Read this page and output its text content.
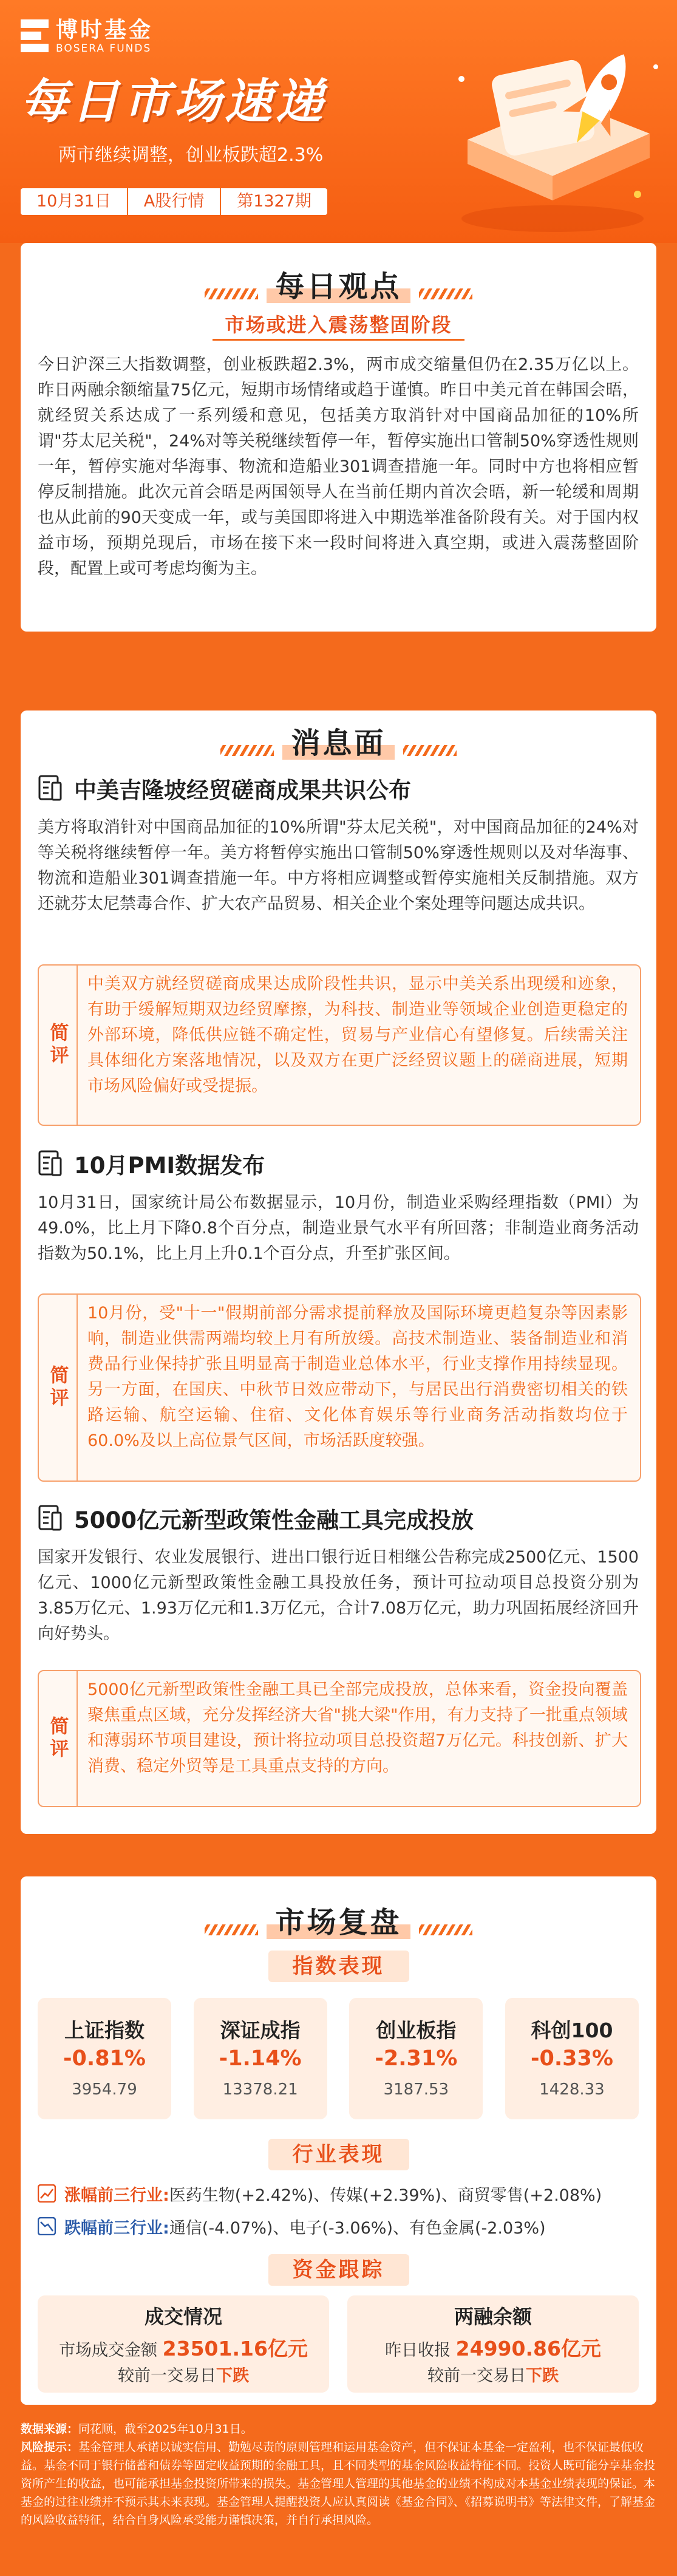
博时基金
BOSERA FUNDS
每日市场速递
两市继续调整，创业板跌超2.3%
10月31日	A股行情	第1327期
每日观点
市场或进入震荡整固阶段

今日沪深三大指数调整，创业板跌超2.3%，两市成交缩量但仍在2.35万亿以上。昨日两融余额缩量75亿元，短期市场情绪或趋于谨慎。昨日中美元首在韩国会晤，就经贸关系达成了一系列缓和意见，包括美方取消针对中国商品加征的10%所谓"芬太尼关税"，24%对等关税继续暂停一年，暂停实施出口管制50%穿透性规则一年，暂停实施对华海事、物流和造船业301调查措施一年。同时中方也将相应暂停反制措施。此次元首会晤是两国领导人在当前任期内首次会晤，新一轮缓和周期也从此前的90天变成一年，或与美国即将进入中期选举准备阶段有关。对于国内权益市场，预期兑现后，市场在接下来一段时间将进入真空期，或进入震荡整固阶段，配置上或可考虑均衡为主。

消息面
中美吉隆坡经贸磋商成果共识公布

美方将取消针对中国商品加征的10%所谓"芬太尼关税"，对中国商品加征的24%对等关税将继续暂停一年。美方将暂停实施出口管制50%穿透性规则以及对华海事、物流和造船业301调查措施一年。中方将相应调整或暂停实施相关反制措施。双方还就芬太尼禁毒合作、扩大农产品贸易、相关企业个案处理等问题达成共识。

简评

中美双方就经贸磋商成果达成阶段性共识，显示中美关系出现缓和迹象，有助于缓解短期双边经贸摩擦，为科技、制造业等领域企业创造更稳定的外部环境，降低供应链不确定性，贸易与产业信心有望修复。后续需关注具体细化方案落地情况，以及双方在更广泛经贸议题上的磋商进展，短期市场风险偏好或受提振。

10月PMI数据发布

10月31日，国家统计局公布数据显示，10月份，制造业采购经理指数（PMI）为49.0%，比上月下降0.8个百分点，制造业景气水平有所回落；非制造业商务活动指数为50.1%，比上月上升0.1个百分点，升至扩张区间。

简评

10月份，受"十一"假期前部分需求提前释放及国际环境更趋复杂等因素影响，制造业供需两端均较上月有所放缓。高技术制造业、装备制造业和消费品行业保持扩张且明显高于制造业总体水平，行业支撑作用持续显现。另一方面，在国庆、中秋节日效应带动下，与居民出行消费密切相关的铁路运输、航空运输、住宿、文化体育娱乐等行业商务活动指数均位于60.0%及以上高位景气区间，市场活跃度较强。

5000亿元新型政策性金融工具完成投放

国家开发银行、农业发展银行、进出口银行近日相继公告称完成2500亿元、1500亿元、1000亿元新型政策性金融工具投放任务，预计可拉动项目总投资分别为3.85万亿元、1.93万亿元和1.3万亿元，合计7.08万亿元，助力巩固拓展经济回升向好势头。

简评

5000亿元新型政策性金融工具已全部完成投放，总体来看，资金投向覆盖聚焦重点区域，充分发挥经济大省"挑大梁"作用，有力支持了一批重点领域和薄弱环节项目建设，预计将拉动项目总投资超7万亿元。科技创新、扩大消费、稳定外贸等是工具重点支持的方向。

市场复盘
指数表现
上证指数
-0.81%
3954.79
深证成指
-1.14%
13378.21
创业板指
-2.31%
3187.53
科创100
-0.33%
1428.33
行业表现
涨幅前三行业: 医药生物(+2.42%)、传媒(+2.39%)、商贸零售(+2.08%)
跌幅前三行业: 通信(-4.07%)、电子(-3.06%)、有色金属(-2.03%)
资金跟踪
成交情况
市场成交金额 23501.16亿元
较前一交易日下跌
两融余额
昨日收报 24990.86亿元
较前一交易日下跌

数据来源：同花顺，截至2025年10月31日。

风险提示：基金管理人承诺以诚实信用、勤勉尽责的原则管理和运用基金资产，但不保证本基金一定盈利，也不保证最低收益。基金不同于银行储蓄和债券等固定收益预期的金融工具，且不同类型的基金风险收益特征不同。投资人既可能分享基金投资所产生的收益，也可能承担基金投资所带来的损失。基金管理人管理的其他基金的业绩不构成对本基金业绩表现的保证。本基金的过往业绩并不预示其未来表现。基金管理人提醒投资人应认真阅读《基金合同》、《招募说明书》等法律文件，了解基金的风险收益特征，结合自身风险承受能力谨慎决策，并自行承担风险。
